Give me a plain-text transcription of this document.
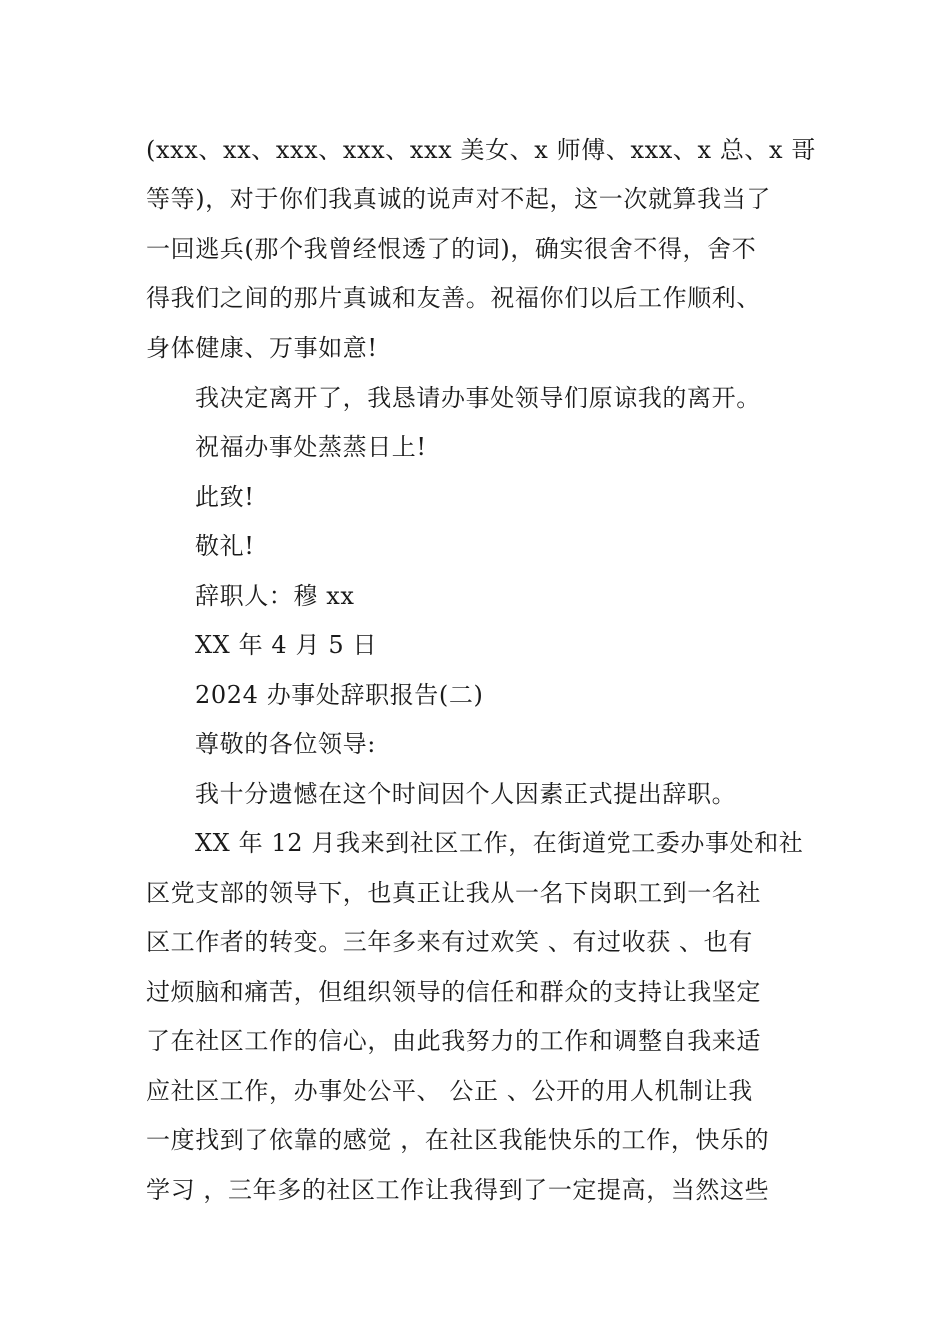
(xxx、xx、xxx、xxx、xxx 美女、x 师傅、xxx、x 总、x 哥
等等)，对于你们我真诚的说声对不起，这一次就算我当了
一回逃兵(那个我曾经恨透了的词)，确实很舍不得，舍不
得我们之间的那片真诚和友善。祝福你们以后工作顺利、
身体健康、万事如意!
我决定离开了，我恳请办事处领导们原谅我的离开。
祝福办事处蒸蒸日上!
此致!
敬礼!
辞职人：穆 xx
XX 年 4 月 5 日
2024 办事处辞职报告(二)
尊敬的各位领导:
我十分遗憾在这个时间因个人因素正式提出辞职。
XX 年 12 月我来到社区工作，在街道党工委办事处和社
区党支部的领导下，也真正让我从一名下岗职工到一名社
区工作者的转变。三年多来有过欢笑 、有过收获 、也有
过烦脑和痛苦，但组织领导的信任和群众的支持让我坚定
了在社区工作的信心，由此我努力的工作和调整自我来适
应社区工作，办事处公平、 公正 、公开的用人机制让我
一度找到了依靠的感觉 ，在社区我能快乐的工作，快乐的
学习 ，三年多的社区工作让我得到了一定提高，当然这些
